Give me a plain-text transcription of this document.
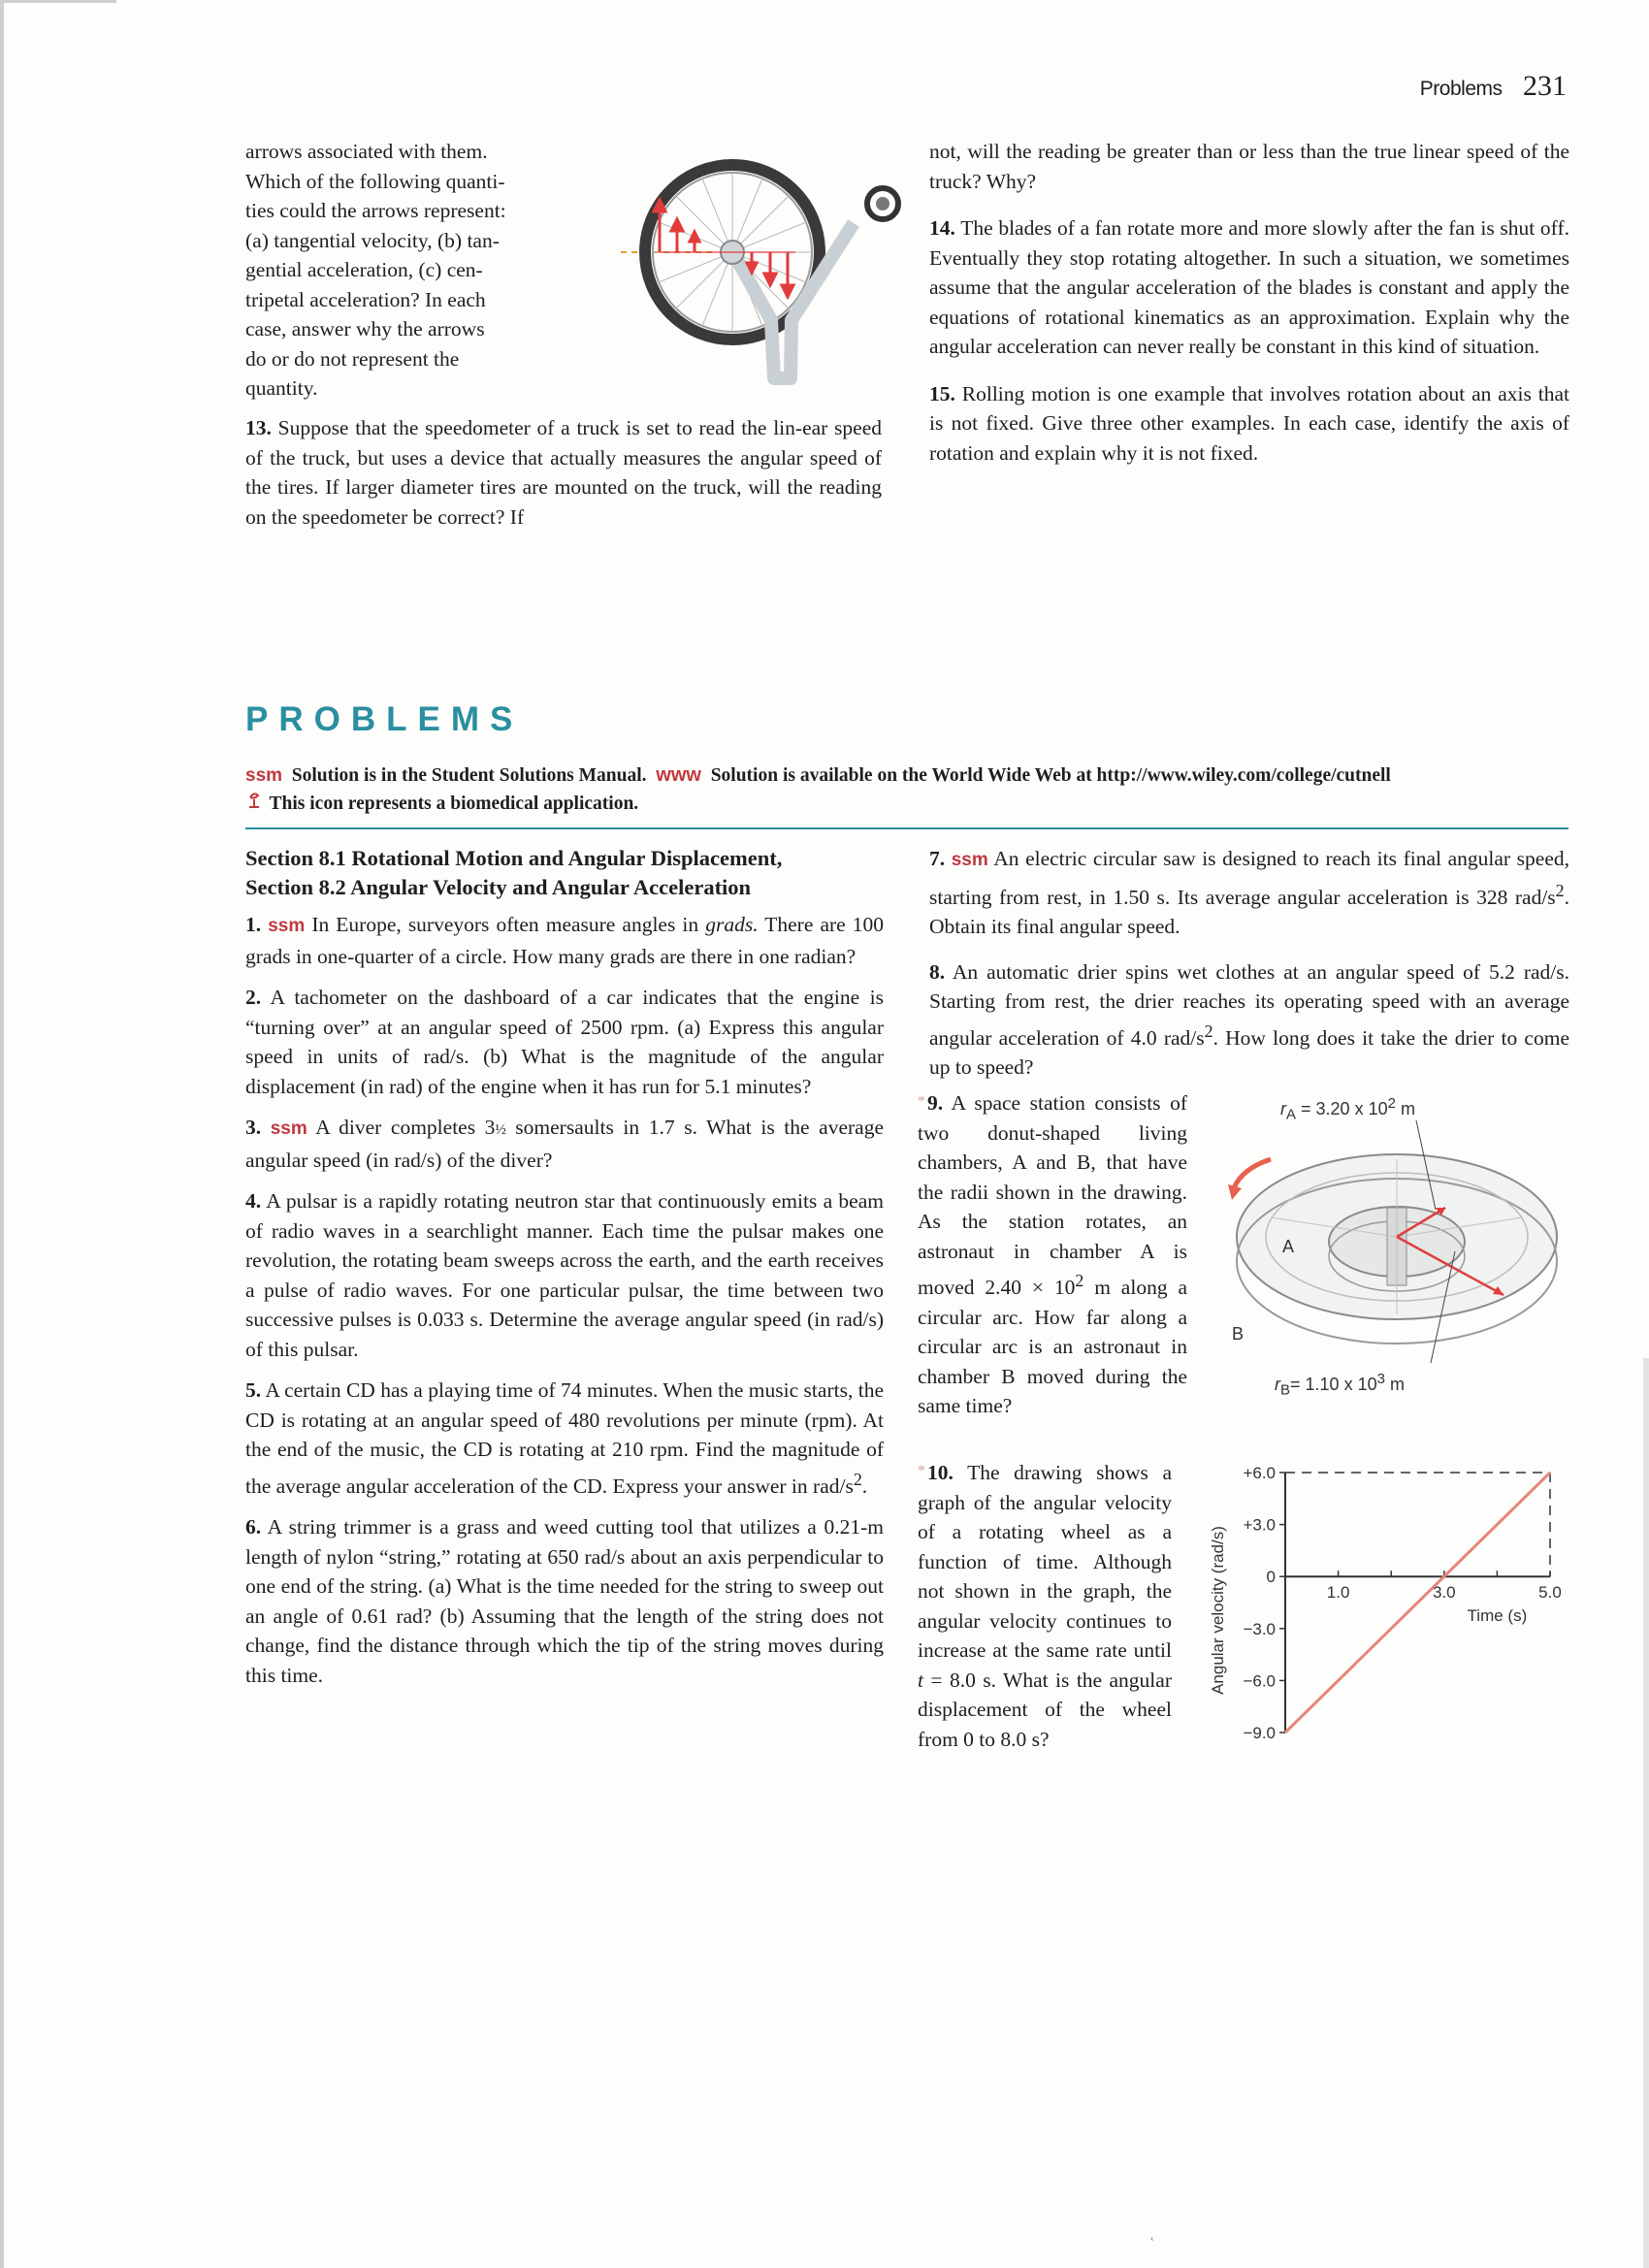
Problems 231
arrows associated with them.
Which of the following quanti-
ties could the arrows represent:
(a) tangential velocity, (b) tan-
gential acceleration, (c) cen-
tripetal acceleration? In each
case, answer why the arrows
do or do not represent the
quantity.

13. Suppose that the speedometer of a truck is set to read the lin-ear speed of the truck, but uses a device that actually measures the angular speed of the tires. If larger diameter tires are mounted on the truck, will the reading on the speedometer be correct? If

not, will the reading be greater than or less than the true linear speed of the truck? Why?

14. The blades of a fan rotate more and more slowly after the fan is shut off. Eventually they stop rotating altogether. In such a situation, we sometimes assume that the angular acceleration of the blades is constant and apply the equations of rotational kinematics as an approximation. Explain why the angular acceleration can never really be constant in this kind of situation.

15. Rolling motion is one example that involves rotation about an axis that is not fixed. Give three other examples. In each case, identify the axis of rotation and explain why it is not fixed.

PROBLEMS
ssm Solution is in the Student Solutions Manual. www Solution is available on the World Wide Web at http://www.wiley.com/college/cutnell
This icon represents a biomedical application.

Section 8.1 Rotational Motion and Angular Displacement,
Section 8.2 Angular Velocity and Angular Acceleration

1. ssm In Europe, surveyors often measure angles in grads. There are 100 grads in one-quarter of a circle. How many grads are there in one radian?

2. A tachometer on the dashboard of a car indicates that the engine is “turning over” at an angular speed of 2500 rpm. (a) Express this angular speed in units of rad/s. (b) What is the magnitude of the angular displacement (in rad) of the engine when it has run for 5.1 minutes?

3. ssm A diver completes 3½ somersaults in 1.7 s. What is the average angular speed (in rad/s) of the diver?

4. A pulsar is a rapidly rotating neutron star that continuously emits a beam of radio waves in a searchlight manner. Each time the pulsar makes one revolution, the rotating beam sweeps across the earth, and the earth receives a pulse of radio waves. For one particular pulsar, the time between two successive pulses is 0.033 s. Determine the average angular speed (in rad/s) of this pulsar.

5. A certain CD has a playing time of 74 minutes. When the music starts, the CD is rotating at an angular speed of 480 revolutions per minute (rpm). At the end of the music, the CD is rotating at 210 rpm. Find the magnitude of the average angular acceleration of the CD. Express your answer in rad/$s^2$.

6. A string trimmer is a grass and weed cutting tool that utilizes a 0.21-m length of nylon “string,” rotating at 650 rad/s about an axis perpendicular to one end of the string. (a) What is the time needed for the string to sweep out an angle of 0.61 rad? (b) Assuming that the length of the string does not change, find the distance through which the tip of the string moves during this time.

7. ssm An electric circular saw is designed to reach its final angular speed, starting from rest, in 1.50 s. Its average angular acceleration is 328 rad/$s^2$. Obtain its final angular speed.

8. An automatic drier spins wet clothes at an angular speed of 5.2 rad/s. Starting from rest, the drier reaches its operating speed with an average angular acceleration of 4.0 rad/$s^2$. How long does it take the drier to come up to speed?

*9. A space station consists of two donut-shaped living chambers, A and B, that have the radii shown in the drawing. As the station rotates, an astronaut in chamber A is moved $2.40 \times 10^2$ m along a circular arc. How far along a circular arc is an astronaut in chamber B moved during the same time?
$r_A = 3.20$ x $10^2$ m
A
B
$r_B= 1.10$ x $10^3$ m
*10. The drawing shows a graph of the angular velocity of a rotating wheel as a function of time. Although not shown in the graph, the angular velocity continues to increase at the same rate until t = 8.0 s. What is the angular displacement of the wheel from 0 to 8.0 s?
Angular velocity (rad/s)
+6.0
+3.0
0
−3.0
−6.0
−9.0
1.0	3.0	5.0
Time (s)
ʿ
